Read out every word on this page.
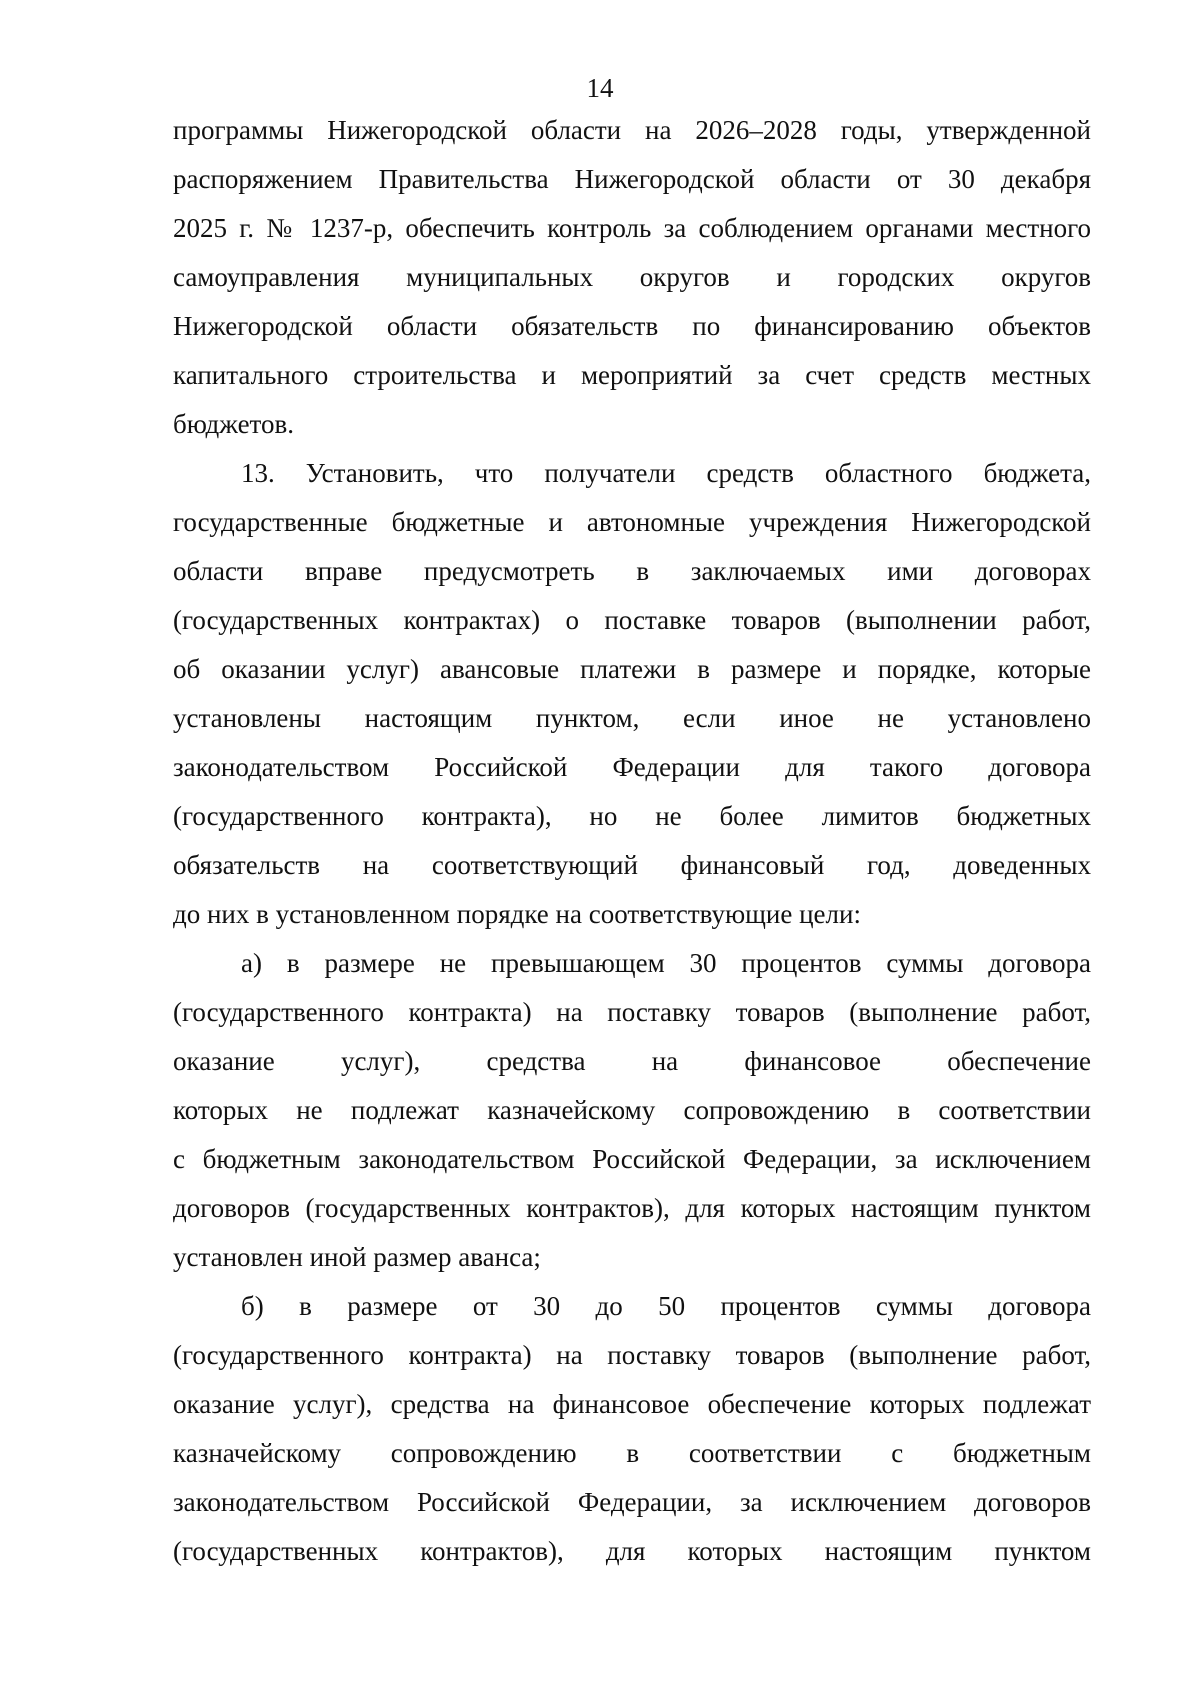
14
программы Нижегородской области на 2026–2028 годы, утвержденной
распоряжением Правительства Нижегородской области от 30 декабря
2025 г. № 1237-р, обеспечить контроль за соблюдением органами местного
самоуправления муниципальных округов и городских округов
Нижегородской области обязательств по финансированию объектов
капитального строительства и мероприятий за счет средств местных
бюджетов.
13. Установить, что получатели средств областного бюджета,
государственные бюджетные и автономные учреждения Нижегородской
области вправе предусмотреть в заключаемых ими договорах
(государственных контрактах) о поставке товаров (выполнении работ,
об оказании услуг) авансовые платежи в размере и порядке, которые
установлены настоящим пунктом, если иное не установлено
законодательством Российской Федерации для такого договора
(государственного контракта), но не более лимитов бюджетных
обязательств на соответствующий финансовый год, доведенных
до них в установленном порядке на соответствующие цели:
а) в размере не превышающем 30 процентов суммы договора
(государственного контракта) на поставку товаров (выполнение работ,
оказание услуг), средства на финансовое обеспечение
которых не подлежат казначейскому сопровождению в соответствии
с бюджетным законодательством Российской Федерации, за исключением
договоров (государственных контрактов), для которых настоящим пунктом
установлен иной размер аванса;
б) в размере от 30 до 50 процентов суммы договора
(государственного контракта) на поставку товаров (выполнение работ,
оказание услуг), средства на финансовое обеспечение которых подлежат
казначейскому сопровождению в соответствии с бюджетным
законодательством Российской Федерации, за исключением договоров
(государственных контрактов), для которых настоящим пунктом
